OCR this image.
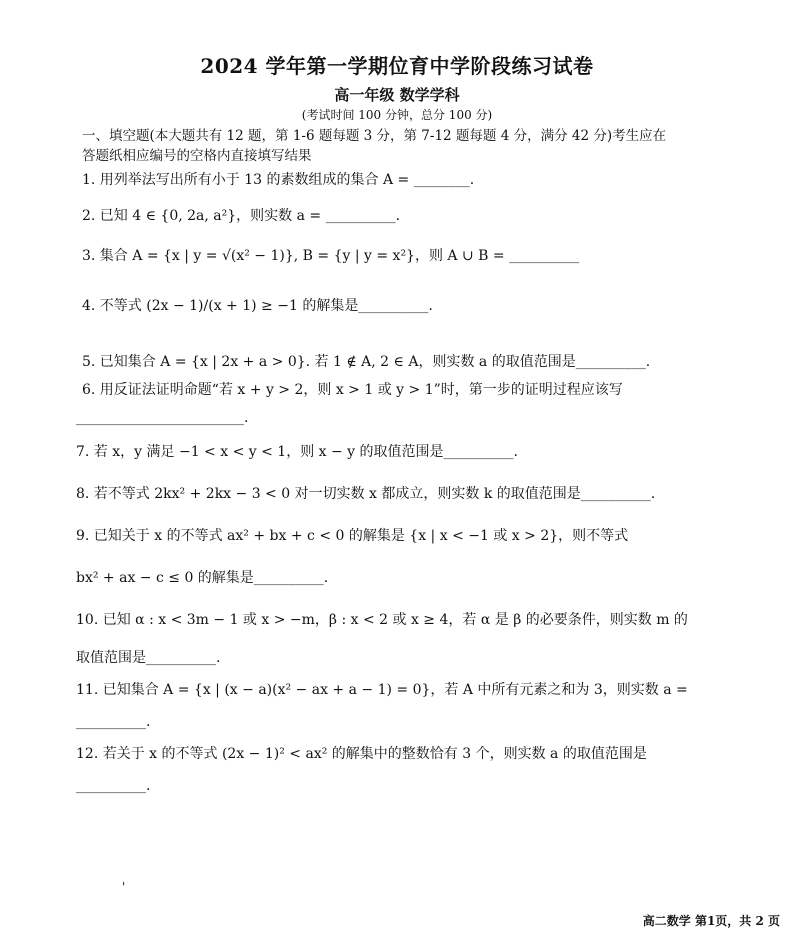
2024 学年第一学期位育中学阶段练习试卷
高一年级 数学学科
(考试时间 100 分钟，总分 100 分)
一、填空题(本大题共有 12 题，第 1-6 题每题 3 分，第 7-12 题每题 4 分，满分 42 分)考生应在
答题纸相应编号的空格内直接填写结果
1. 用列举法写出所有小于 13 的素数组成的集合 A = ________.
2. 已知 4 ∈ {0, 2a, a²}，则实数 a = __________.
3. 集合 A = {x | y = √(x² − 1)}, B = {y | y = x²}，则 A ∪ B = __________
4. 不等式 (2x − 1)/(x + 1) ≥ −1 的解集是__________.
5. 已知集合 A = {x | 2x + a > 0}. 若 1 ∉ A, 2 ∈ A，则实数 a 的取值范围是__________.
6. 用反证法证明命题“若 x + y > 2，则 x > 1 或 y > 1”时，第一步的证明过程应该写
________________________.
7. 若 x，y 满足 −1 < x < y < 1，则 x − y 的取值范围是__________.
8. 若不等式 2kx² + 2kx − 3 < 0 对一切实数 x 都成立，则实数 k 的取值范围是__________.
9. 已知关于 x 的不等式 ax² + bx + c < 0 的解集是 {x | x < −1 或 x > 2}，则不等式
bx² + ax − c ≤ 0 的解集是__________.
10. 已知 α : x < 3m − 1 或 x > −m，β : x < 2 或 x ≥ 4，若 α 是 β 的必要条件，则实数 m 的
取值范围是__________.
11. 已知集合 A = {x | (x − a)(x² − ax + a − 1) = 0}，若 A 中所有元素之和为 3，则实数 a =
__________.
12. 若关于 x 的不等式 (2x − 1)² < ax² 的解集中的整数恰有 3 个，则实数 a 的取值范围是
__________.
'
高二数学 第1页，共 2 页
